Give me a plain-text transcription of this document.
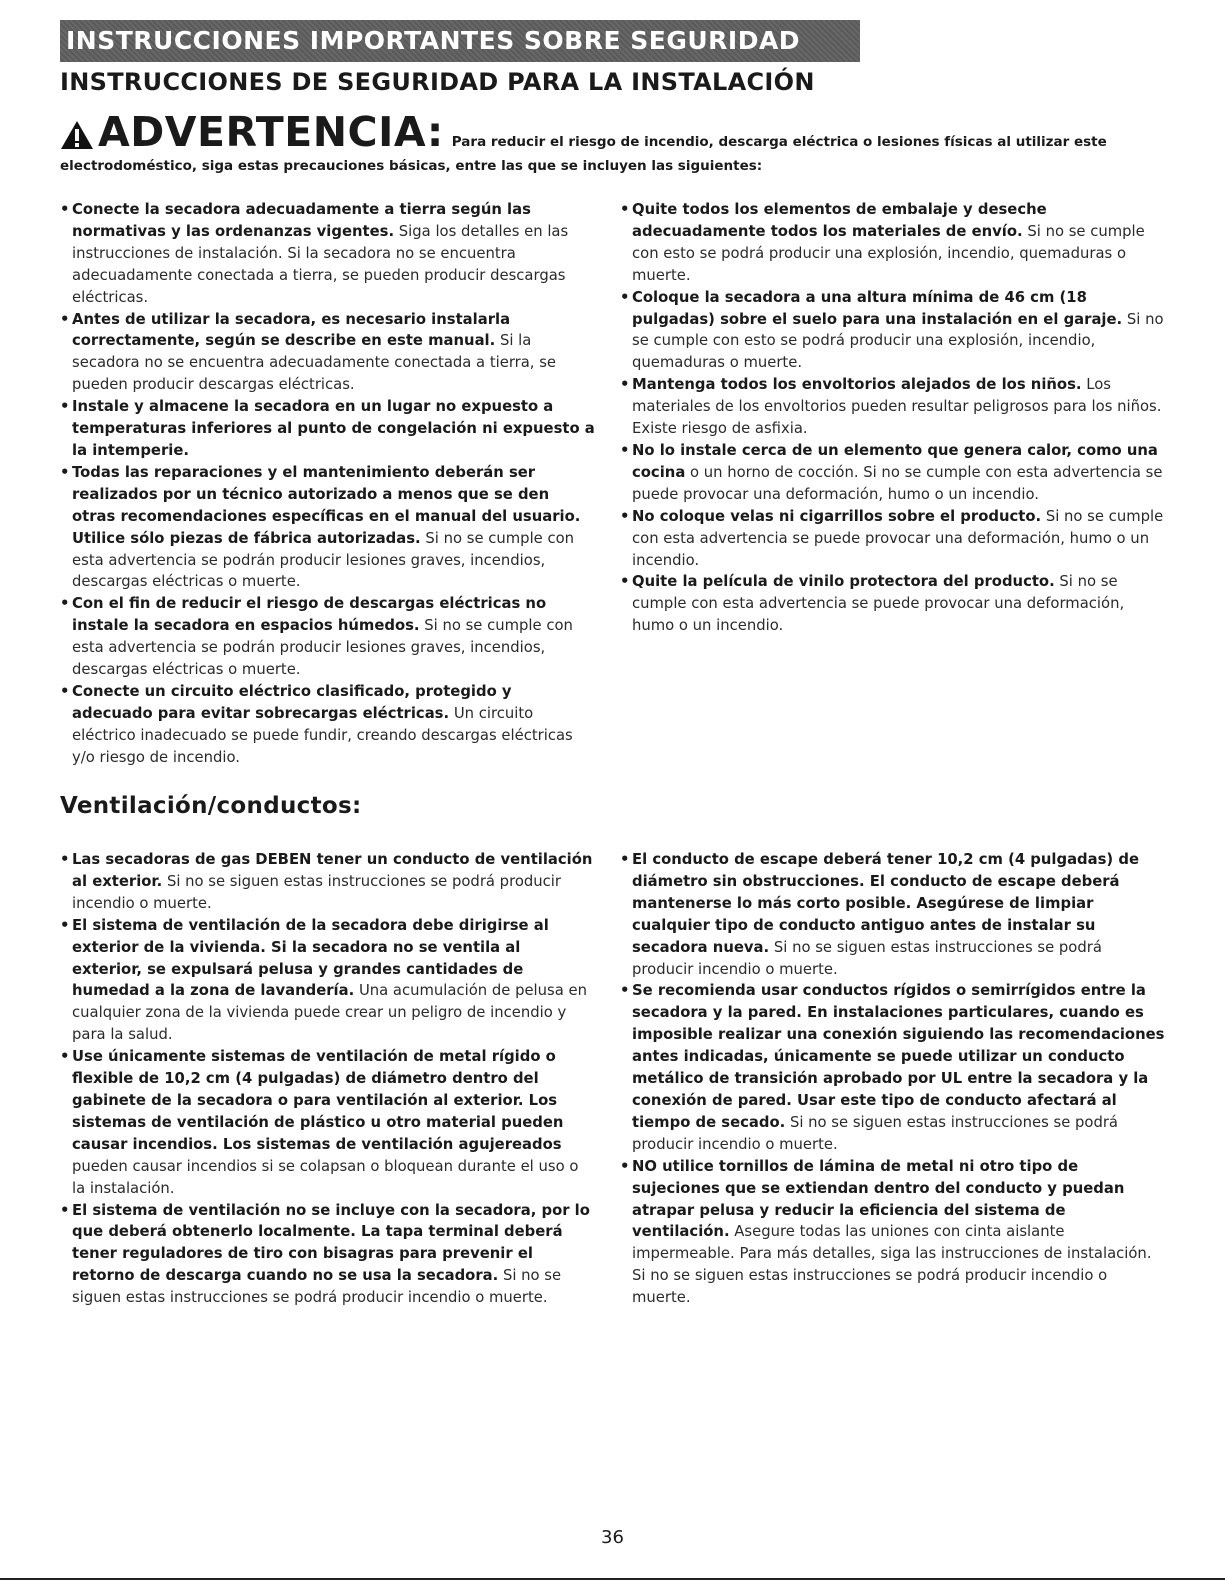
INSTRUCCIONES IMPORTANTES SOBRE SEGURIDAD
INSTRUCCIONES DE SEGURIDAD PARA LA INSTALACIÓN
ADVERTENCIA: Para reducir el riesgo de incendio, descarga eléctrica o lesiones físicas al utilizar este
electrodoméstico, siga estas precauciones básicas, entre las que se incluyen las siguientes:
• Conecte la secadora adecuadamente a tierra según las normativas y las ordenanzas vigentes. Siga los detalles en las instrucciones de instalación. Si la secadora no se encuentra adecuadamente conectada a tierra, se pueden producir descargas eléctricas.
• Antes de utilizar la secadora, es necesario instalarla correctamente, según se describe en este manual. Si la secadora no se encuentra adecuadamente conectada a tierra, se pueden producir descargas eléctricas.
• Instale y almacene la secadora en un lugar no expuesto a temperaturas inferiores al punto de congelación ni expuesto a la intemperie.
• Todas las reparaciones y el mantenimiento deberán ser realizados por un técnico autorizado a menos que se den otras recomendaciones específicas en el manual del usuario. Utilice sólo piezas de fábrica autorizadas. Si no se cumple con esta advertencia se podrán producir lesiones graves, incendios, descargas eléctricas o muerte.
• Con el fin de reducir el riesgo de descargas eléctricas no instale la secadora en espacios húmedos. Si no se cumple con esta advertencia se podrán producir lesiones graves, incendios, descargas eléctricas o muerte.
• Conecte un circuito eléctrico clasificado, protegido y adecuado para evitar sobrecargas eléctricas. Un circuito eléctrico inadecuado se puede fundir, creando descargas eléctricas y/o riesgo de incendio.
• Quite todos los elementos de embalaje y deseche adecuadamente todos los materiales de envío. Si no se cumple con esto se podrá producir una explosión, incendio, quemaduras o muerte.
• Coloque la secadora a una altura mínima de 46 cm (18 pulgadas) sobre el suelo para una instalación en el garaje. Si no se cumple con esto se podrá producir una explosión, incendio, quemaduras o muerte.
• Mantenga todos los envoltorios alejados de los niños. Los materiales de los envoltorios pueden resultar peligrosos para los niños. Existe riesgo de asfixia.
• No lo instale cerca de un elemento que genera calor, como una cocina o un horno de cocción. Si no se cumple con esta advertencia se puede provocar una deformación, humo o un incendio.
• No coloque velas ni cigarrillos sobre el producto. Si no se cumple con esta advertencia se puede provocar una deformación, humo o un incendio.
• Quite la película de vinilo protectora del producto. Si no se cumple con esta advertencia se puede provocar una deformación, humo o un incendio.
Ventilación/conductos:
• Las secadoras de gas DEBEN tener un conducto de ventilación al exterior. Si no se siguen estas instrucciones se podrá producir incendio o muerte.
• El sistema de ventilación de la secadora debe dirigirse al exterior de la vivienda. Si la secadora no se ventila al exterior, se expulsará pelusa y grandes cantidades de humedad a la zona de lavandería. Una acumulación de pelusa en cualquier zona de la vivienda puede crear un peligro de incendio y para la salud.
• Use únicamente sistemas de ventilación de metal rígido o flexible de 10,2 cm (4 pulgadas) de diámetro dentro del gabinete de la secadora o para ventilación al exterior. Los sistemas de ventilación de plástico u otro material pueden causar incendios. Los sistemas de ventilación agujereados pueden causar incendios si se colapsan o bloquean durante el uso o la instalación.
• El sistema de ventilación no se incluye con la secadora, por lo que deberá obtenerlo localmente. La tapa terminal deberá tener reguladores de tiro con bisagras para prevenir el retorno de descarga cuando no se usa la secadora. Si no se siguen estas instrucciones se podrá producir incendio o muerte.
• El conducto de escape deberá tener 10,2 cm (4 pulgadas) de diámetro sin obstrucciones. El conducto de escape deberá mantenerse lo más corto posible. Asegúrese de limpiar cualquier tipo de conducto antiguo antes de instalar su secadora nueva. Si no se siguen estas instrucciones se podrá producir incendio o muerte.
• Se recomienda usar conductos rígidos o semirrígidos entre la secadora y la pared. En instalaciones particulares, cuando es imposible realizar una conexión siguiendo las recomendaciones antes indicadas, únicamente se puede utilizar un conducto metálico de transición aprobado por UL entre la secadora y la conexión de pared. Usar este tipo de conducto afectará al tiempo de secado. Si no se siguen estas instrucciones se podrá producir incendio o muerte.
• NO utilice tornillos de lámina de metal ni otro tipo de sujeciones que se extiendan dentro del conducto y puedan atrapar pelusa y reducir la eficiencia del sistema de ventilación. Asegure todas las uniones con cinta aislante impermeable. Para más detalles, siga las instrucciones de instalación. Si no se siguen estas instrucciones se podrá producir incendio o muerte.
36
